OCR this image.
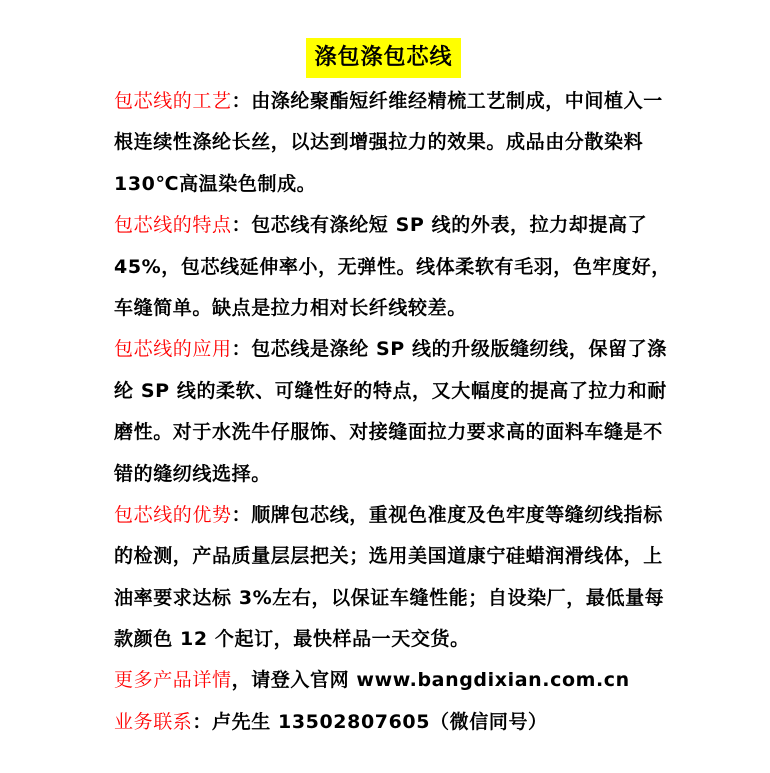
涤包涤包芯线
包芯线的工艺：由涤纶聚酯短纤维经精梳工艺制成，中间植入一
根连续性涤纶长丝，以达到增强拉力的效果。成品由分散染料
130℃高温染色制成。
包芯线的特点：包芯线有涤纶短 SP 线的外表，拉力却提高了
45%，包芯线延伸率小，无弹性。线体柔软有毛羽，色牢度好，
车缝简单。缺点是拉力相对长纤线较差。
包芯线的应用：包芯线是涤纶 SP 线的升级版缝纫线，保留了涤
纶 SP 线的柔软、可缝性好的特点，又大幅度的提高了拉力和耐
磨性。对于水洗牛仔服饰、对接缝面拉力要求高的面料车缝是不
错的缝纫线选择。
包芯线的优势：顺牌包芯线，重视色准度及色牢度等缝纫线指标
的检测，产品质量层层把关；选用美国道康宁硅蜡润滑线体，上
油率要求达标 3%左右，以保证车缝性能；自设染厂，最低量每
款颜色 12 个起订，最快样品一天交货。
更多产品详情，请登入官网 www.bangdixian.com.cn
业务联系：卢先生 13502807605（微信同号）
